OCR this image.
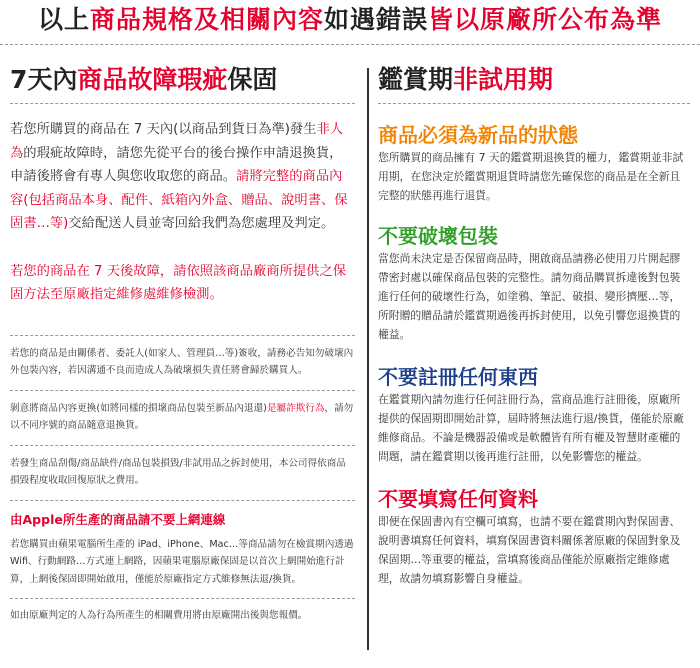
以上商品規格及相關內容如遇錯誤皆以原廠所公布為準
7天內商品故障瑕疵保固

若您所購買的商品在 7 天內(以商品到貨日為準)發生非人為的瑕疵故障時，請您先從平台的後台操作申請退換貨，申請後將會有專人與您收取您的商品。請將完整的商品內容(包括商品本身、配件、紙箱內外盒、贈品、說明書、保固書…等)交給配送人員並寄回給我們為您處理及判定。

若您的商品在 7 天後故障，請依照該商品廠商所提供之保固方法至原廠指定維修處維修檢測。

若您的商品是由關係者、委託人(如家人、管理員…等)簽收，請務必告知勿破壞內外包裝內容，若因溝通不良而造成人為破壞損失責任將會歸於購買人。

剝意將商品內容更換(如將同樣的損壞商品包裝至新品內退還)是屬詐欺行為，請勿以不同序號的商品隨意退換貨。

若發生商品刮傷/商品缺件/商品包裝損毀/非試用品之拆封使用，本公司得依商品損毀程度收取回復原狀之費用。

由Apple所生產的商品請不要上網連線

若您購買由蘋果電腦所生產的 iPad、iPhone、Mac…等商品請勿在檢賞期內透過 Wifi、行動網路…方式連上網路，因蘋果電腦原廠保固是以首次上網開始進行計算，上網後保固即開始啟用，僅能於原廠指定方式維修無法退/換貨。

如由原廠判定的人為行為所產生的相關費用將由原廠開出後與您報價。

鑑賞期非試用期
商品必須為新品的狀態

您所購買的商品擁有 7 天的鑑賞期退換貨的權力，鑑賞期並非試用期，在您決定於鑑賞期退貨時請您先確保您的商品是在全新且完整的狀態再進行退貨。

不要破壞包裝

當您尚未決定是否保留商品時，開啟商品請務必使用刀片開起膠帶密封處以確保商品包裝的完整性。請勿商品購買拆違後對包裝進行任何的破壞性行為，如塗鴉、筆記、破損、變形擠壓…等，所附贈的贈品請於鑑賞期過後再拆封使用，以免引響您退換貨的權益。

不要註冊任何東西

在鑑賞期內請勿進行任何註冊行為，當商品進行註冊後，原廠所提供的保固期即開始計算，屆時將無法進行退/換貨，僅能於原廠維修商品。不論是機器設備或是軟體皆有所有權及智慧財產權的問題，請在鑑賞期以後再進行註冊，以免影響您的權益。

不要填寫任何資料

即便在保固書內有空欄可填寫，也請不要在鑑賞期內對保固書、說明書填寫任何資料，填寫保固書資料關係著原廠的保固對象及保固期…等重要的權益，當填寫後商品僅能於原廠指定維修處理，故請勿填寫影響自身權益。
